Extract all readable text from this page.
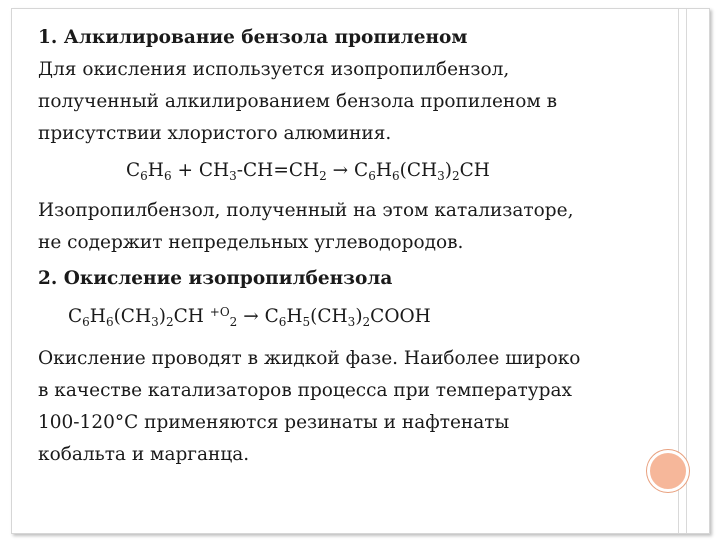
1. Алкилирование бензола пропиленом
Для окисления используется изопропилбензол,
полученный алкилированием бензола пропиленом в
присутствии хлористого алюминия.
$C_6H_6 + CH_3-CH=CH_2 \to C_6H_6(CH_3)_2CH$
Изопропилбензол, полученный на этом катализаторе,
не содержит непредельных углеводородов.
2. Окисление изопропилбензола
$C_6H_6(CH_3)_2CH$ $^{+O}_2 \to C_6H_5(CH_3)_2COOH$
Окисление проводят в жидкой фазе. Наиболее широко
в качестве катализаторов процесса при температурах
100-120°C применяются резинаты и нафтенаты
кобальта и марганца.
